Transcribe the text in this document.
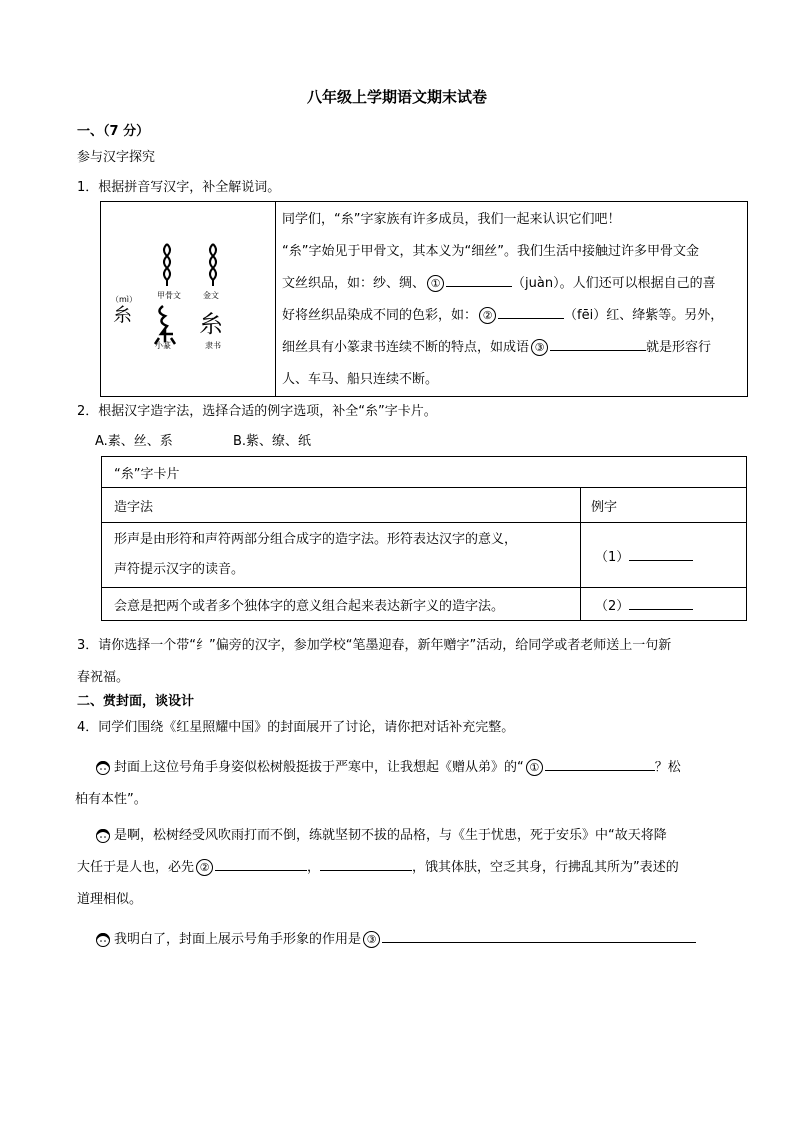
八年级上学期语文期末试卷
一、（7 分）
参与汉字探究
1．根据拼音写汉字，补全解说词。
甲骨文	金文
（mì）
糸	糸
小篆	隶书

同学们，“糸”字家族有许多成员，我们一起来认识它们吧！
“糸”字始见于甲骨文，其本义为“细丝”。我们生活中接触过许多甲骨文金
文丝织品，如：纱、绸、 ①	（juàn）。人们还可以根据自己的喜
好将丝织品染成不同的色彩，如： ②	（fēi）红、绛紫等。另外，
细丝具有小篆隶书连续不断的特点，如成语 ③	就是形容行
人、车马、船只连续不断。
2．根据汉字造字法，选择合适的例字选项，补全“糸”字卡片。
A.素、丝、系	B.紫、缭、纸
“糸”字卡片	
造字法	例字

形声是由形符和声符两部分组合成字的造字法。形符表达汉字的意义，
声符提示汉字的读音。	（1）
会意是把两个或者多个独体字的意义组合起来表达新字义的造字法。	（2）
3．请你选择一个带“纟”偏旁的汉字，参加学校“笔墨迎春，新年赠字”活动，给同学或者老师送上一句新
春祝福。
二、赏封面，谈设计
4．同学们围绕《红星照耀中国》的封面展开了讨论，请你把对话补充完整。
封面上这位号角手身姿似松树般挺拔于严寒中，让我想起《赠从弟》的“ ①	？松
柏有本性”。
是啊，松树经受风吹雨打而不倒，练就坚韧不拔的品格，与《生于忧患，死于安乐》中“故天将降
大任于是人也，必先 ②	，	，饿其体肤，空乏其身，行拂乱其所为”表述的
道理相似。
我明白了，封面上展示号角手形象的作用是 ③
